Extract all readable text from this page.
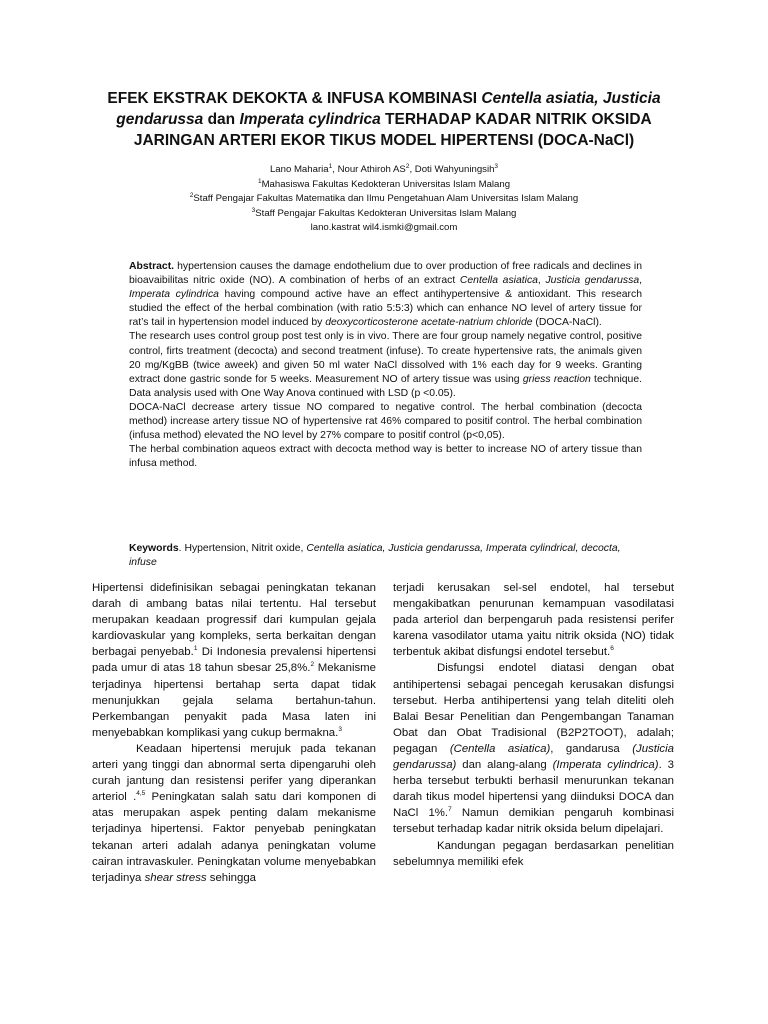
EFEK EKSTRAK DEKOKTA & INFUSA KOMBINASI Centella asiatia, Justicia gendarussa dan Imperata cylindrica TERHADAP KADAR NITRIK OKSIDA JARINGAN ARTERI EKOR TIKUS MODEL HIPERTENSI (DOCA-NaCl)
Lano Maharia$^1$, Nour Athiroh $AS^2$, Doti Wahyuningsih$^3$
$^1$Mahasiswa Fakultas Kedokteran Universitas Islam Malang
$^2$Staff Pengajar Fakultas Matematika dan Ilmu Pengetahuan Alam Universitas Islam Malang
$^3$Staff Pengajar Fakultas Kedokteran Universitas Islam Malang
lano.kastrat wil4.ismki@gmail.com

Abstract. hypertension causes the damage endothelium due to over production of free radicals and declines in bioavaibilitas nitric oxide (NO). A combination of herbs of an extract Centella asiatica, Justicia gendarussa, Imperata cylindrica having compound active have an effect antihypertensive & antioxidant. This research studied the effect of the herbal combination (with ratio 5:5:3) which can enhance NO level of artery tissue for rat’s tail in hypertension model induced by deoxycorticosterone acetate-natrium chloride (DOCA-NaCl).

The research uses control group post test only is in vivo. There are four group namely negative control, positive control, firts treatment (decocta) and second treatment (infuse). To create hypertensive rats, the animals given 20 mg/KgBB (twice aweek) and given 50 ml water NaCl dissolved with 1% each day for 9 weeks. Granting extract done gastric sonde for 5 weeks. Measurement NO of artery tissue was using griess reaction technique. Data analysis used with One Way Anova continued with LSD (p <0.05).

DOCA-NaCl decrease artery tissue NO compared to negative control. The herbal combination (decocta method) increase artery tissue NO of hypertensive rat 46% compared to positif control. The herbal combination (infusa method) elevated the NO level by 27% compare to positif control (p<0,05).

The herbal combination aqueos extract with decocta method way is better to increase NO of artery tissue than infusa method.

Keywords. Hypertension, Nitrit oxide, Centella asiatica, Justicia gendarussa, Imperata cylindrical, decocta, infuse

Hipertensi didefinisikan sebagai peningkatan tekanan darah di ambang batas nilai tertentu. Hal tersebut merupakan keadaan progressif dari kumpulan gejala kardiovaskular yang kompleks, serta berkaitan dengan berbagai penyebab.$^1$ Di Indonesia prevalensi hipertensi pada umur di atas 18 tahun sbesar 25,8%.$^2$ Mekanisme terjadinya hipertensi bertahap serta dapat tidak menunjukkan gejala selama bertahun-tahun. Perkembangan penyakit pada Masa laten ini menyebabkan komplikasi yang cukup bermakna.$^3$

Keadaan hipertensi merujuk pada tekanan arteri yang tinggi dan abnormal serta dipengaruhi oleh curah jantung dan resistensi perifer yang diperankan arteriol .$^{4,5}$ Peningkatan salah satu dari komponen di atas merupakan aspek penting dalam mekanisme terjadinya hipertensi. Faktor penyebab peningkatan tekanan arteri adalah adanya peningkatan volume cairan intravaskuler. Peningkatan volume menyebabkan terjadinya shear stress sehingga

terjadi kerusakan sel-sel endotel, hal tersebut mengakibatkan penurunan kemampuan vasodilatasi pada arteriol dan berpengaruh pada resistensi perifer karena vasodilator utama yaitu nitrik oksida (NO) tidak terbentuk akibat disfungsi endotel tersebut.$^6$

Disfungsi endotel diatasi dengan obat antihipertensi sebagai pencegah kerusakan disfungsi tersebut. Herba antihipertensi yang telah diteliti oleh Balai Besar Penelitian dan Pengembangan Tanaman Obat dan Obat Tradisional (B2P2TOOT), adalah; pegagan (Centella asiatica), gandarusa (Justicia gendarussa) dan alang-alang (Imperata cylindrica). 3 herba tersebut terbukti berhasil menurunkan tekanan darah tikus model hipertensi yang diinduksi DOCA dan NaCl 1%.$^7$ Namun demikian pengaruh kombinasi tersebut terhadap kadar nitrik oksida belum dipelajari.

Kandungan pegagan berdasarkan penelitian sebelumnya memiliki efek
